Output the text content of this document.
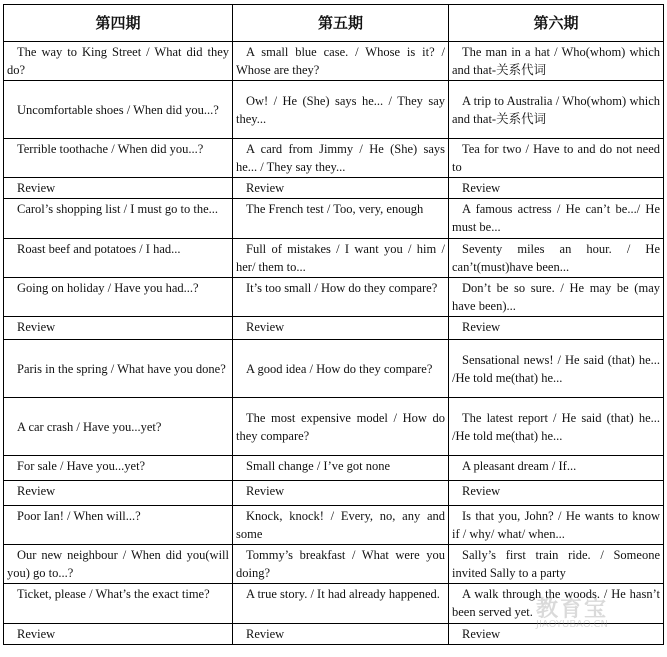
第四期	第五期	第六期

The way to King Street / What did they do?	A small blue case. / Whose is it? / Whose are they?	The man in a hat / Who(whom) which and that-关系代词

Uncomfortable shoes / When did you...?	Ow! / He (She) says he... / They say they...	A trip to Australia / Who(whom) which and that-关系代词

Terrible toothache / When did you...?	A card from Jimmy / He (She) says he... / They say they...	Tea for two / Have to and do not need to

Review	Review	Review

Carol’s shopping list / I must go to the...	The French test / Too, very, enough	A famous actress / He can’t be.../ He must be...

Roast beef and potatoes / I had...	Full of mistakes / I want you / him / her/ them to...	Seventy miles an hour. / He can’t(must)have been...

Going on holiday / Have you had...?	It’s too small / How do they compare?	Don’t be so sure. / He may be (may have been)...

Review	Review	Review

Paris in the spring / What have you done?	A good idea / How do they compare?	Sensational news! / He said (that) he... /He told me(that) he...

A car crash / Have you...yet?	The most expensive model / How do they compare?	The latest report / He said (that) he... /He told me(that) he...

For sale / Have you...yet?	Small change / I’ve got none	A pleasant dream / If...

Review	Review	Review

Poor Ian! / When will...?	Knock, knock! / Every, no, any and some	Is that you, John? / He wants to know if / why/ what/ when...

Our new neighbour / When did you(will you) go to...?	Tommy’s breakfast / What were you doing?	Sally’s first train ride. / Someone invited Sally to a party

Ticket, please / What’s the exact time?	A true story. / It had already happened.	A walk through the woods. / He hasn’t been served yet.

Review	Review	Review
教育宝
JIAOYUBAO.CN
